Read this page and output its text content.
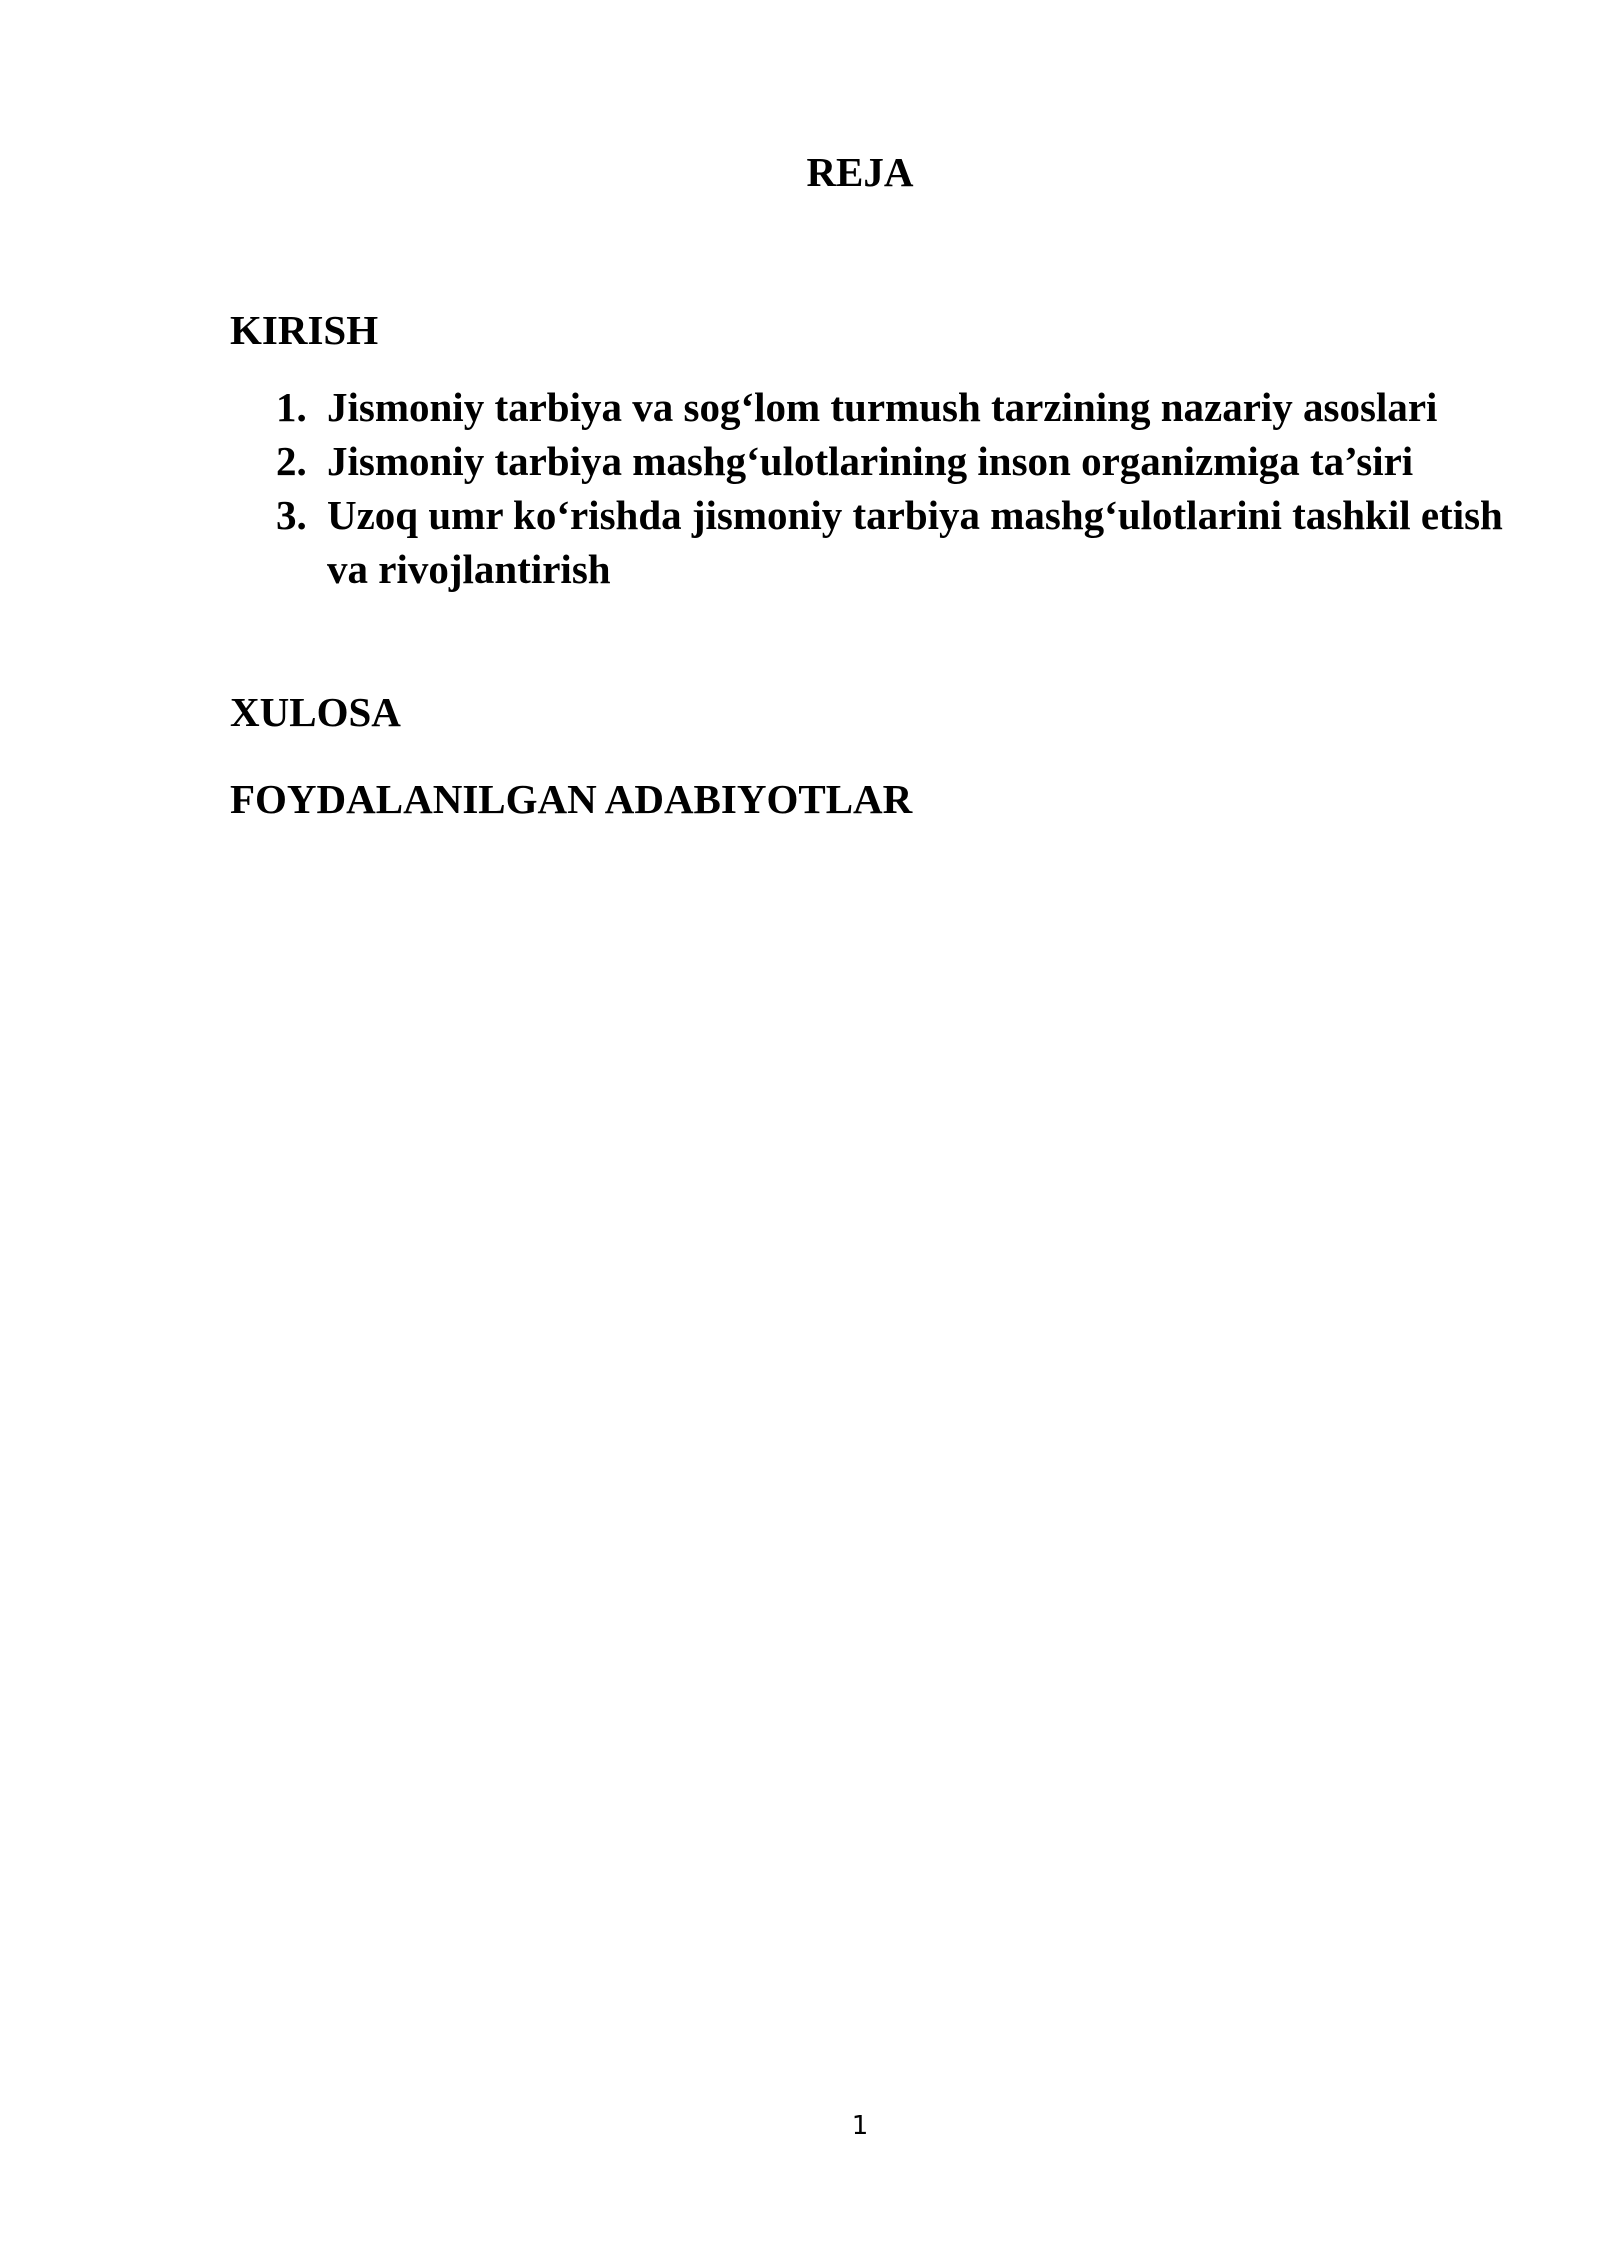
REJA
KIRISH
1. Jismoniy tarbiya va sog‘lom turmush tarzining nazariy asoslari
2. Jismoniy tarbiya mashg‘ulotlarining inson organizmiga ta’siri
3. Uzoq umr ko‘rishda jismoniy tarbiya mashg‘ulotlarini tashkil etish va rivojlantirish
XULOSA
FOYDALANILGAN ADABIYOTLAR
1
